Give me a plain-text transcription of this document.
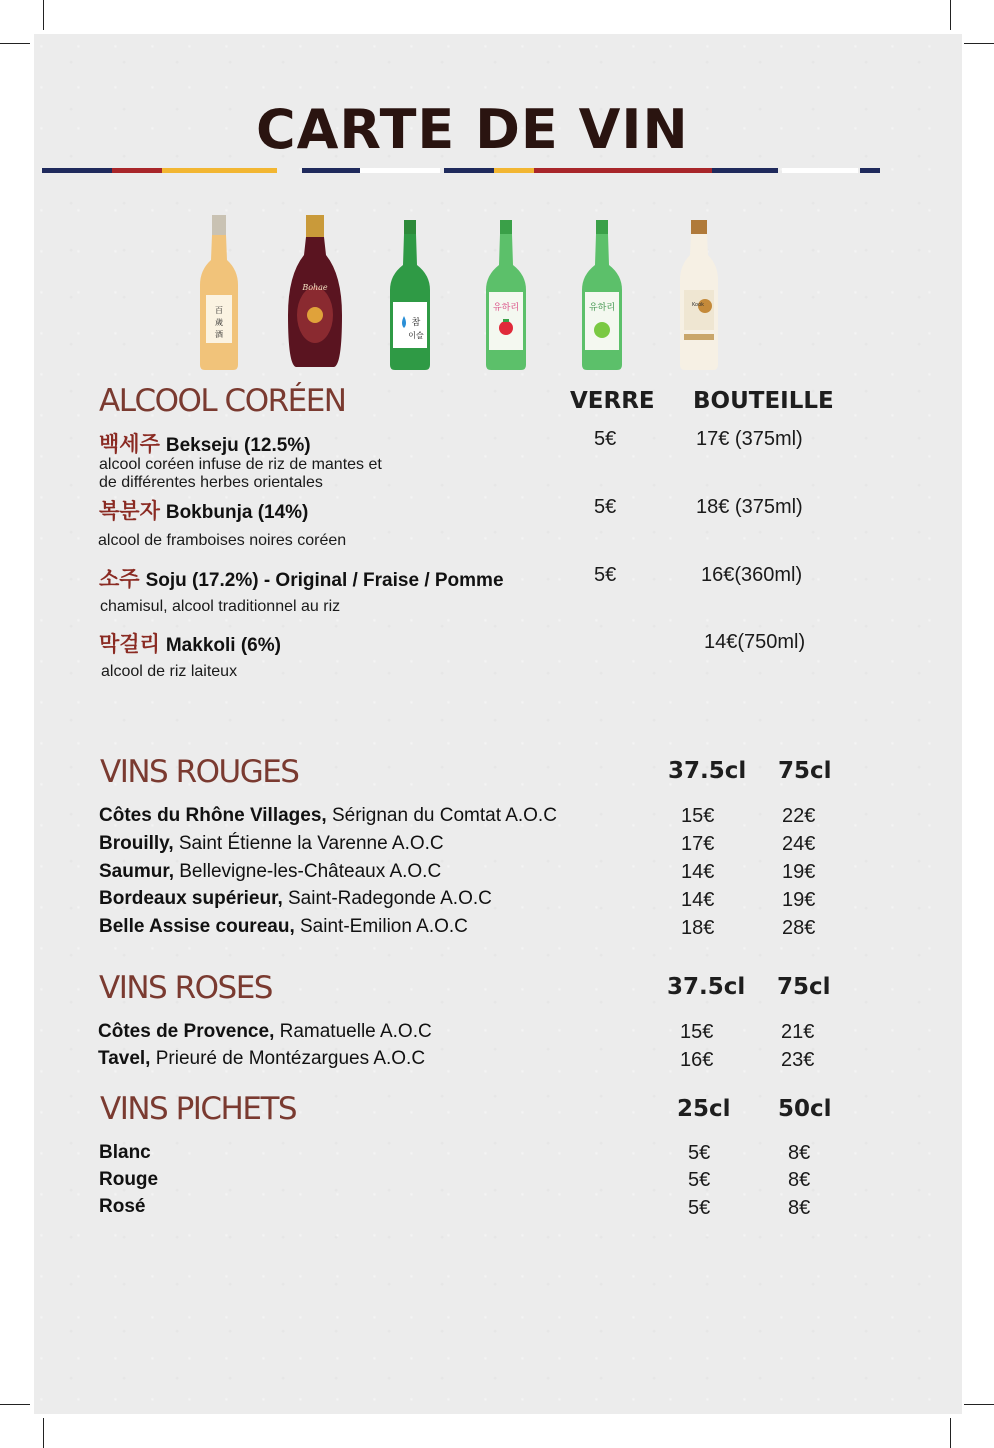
CARTE DE VIN
百
歲
酒
Bohae
참
이슬
유하리	유하리	Kook
ALCOOL CORÉEN	VERRE BOUTEILLE
백세주 Bekseju (12.5%)
alcool coréen infuse de riz de mantes et
de différentes herbes orientales
5€	17€ (375ml)
복분자 Bokbunja (14%)
alcool de framboises noires coréen
5€	18€ (375ml)
소주 Soju (17.2%) - Original / Fraise / Pomme
chamisul, alcool traditionnel au riz
5€	16€(360ml)
막걸리 Makkoli (6%)
alcool de riz laiteux
14€(750ml)
VINS ROUGES	37.5cl 75cl
Côtes du Rhône Villages, Sérignan du Comtat A.O.C	15€	22€
Brouilly, Saint Étienne la Varenne A.O.C	17€	24€
Saumur, Bellevigne-les-Châteaux A.O.C	14€	19€
Bordeaux supérieur, Saint-Radegonde A.O.C	14€	19€
Belle Assise coureau, Saint-Emilion A.O.C	18€	28€
VINS ROSES	37.5cl 75cl
Côtes de Provence, Ramatuelle A.O.C	15€	21€
Tavel, Prieuré de Montézargues A.O.C	16€	23€
VINS PICHETS	25cl 50cl
Blanc	5€	8€
Rouge	5€	8€
Rosé	5€	8€
